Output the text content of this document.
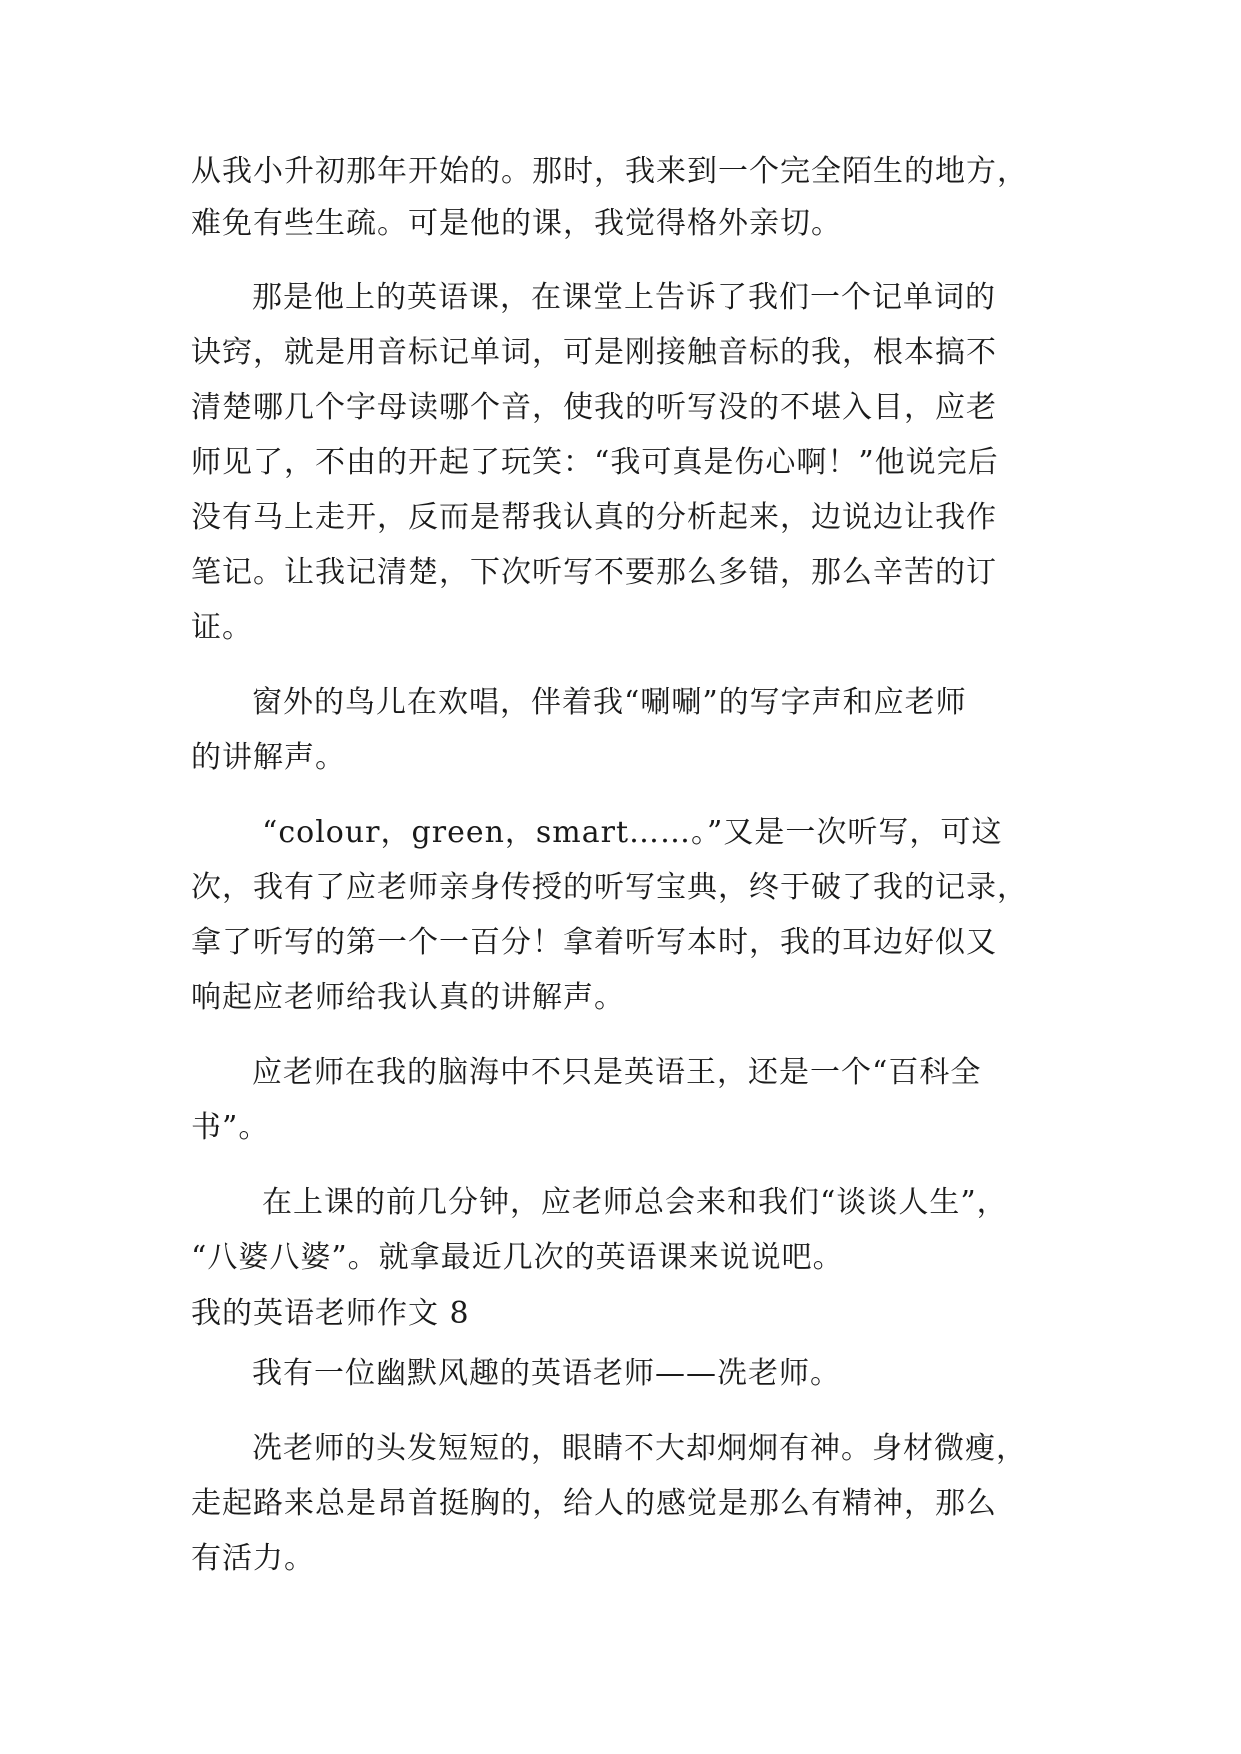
从我小升初那年开始的。那时，我来到一个完全陌生的地方，
难免有些生疏。可是他的课，我觉得格外亲切。
那是他上的英语课，在课堂上告诉了我们一个记单词的
诀窍，就是用音标记单词，可是刚接触音标的我，根本搞不
清楚哪几个字母读哪个音，使我的听写没的不堪入目，应老
师见了，不由的开起了玩笑：“我可真是伤心啊！”他说完后
没有马上走开，反而是帮我认真的分析起来，边说边让我作
笔记。让我记清楚，下次听写不要那么多错，那么辛苦的订
证。
窗外的鸟儿在欢唱，伴着我“唰唰”的写字声和应老师
的讲解声。
“colour，green，smart……。”又是一次听写，可这
次，我有了应老师亲身传授的听写宝典，终于破了我的记录，
拿了听写的第一个一百分！拿着听写本时，我的耳边好似又
响起应老师给我认真的讲解声。
应老师在我的脑海中不只是英语王，还是一个“百科全
书”。
在上课的前几分钟，应老师总会来和我们“谈谈人生”，
“八婆八婆”。就拿最近几次的英语课来说说吧。
我的英语老师作文 8
我有一位幽默风趣的英语老师——冼老师。
冼老师的头发短短的，眼睛不大却炯炯有神。身材微瘦，
走起路来总是昂首挺胸的，给人的感觉是那么有精神，那么
有活力。
